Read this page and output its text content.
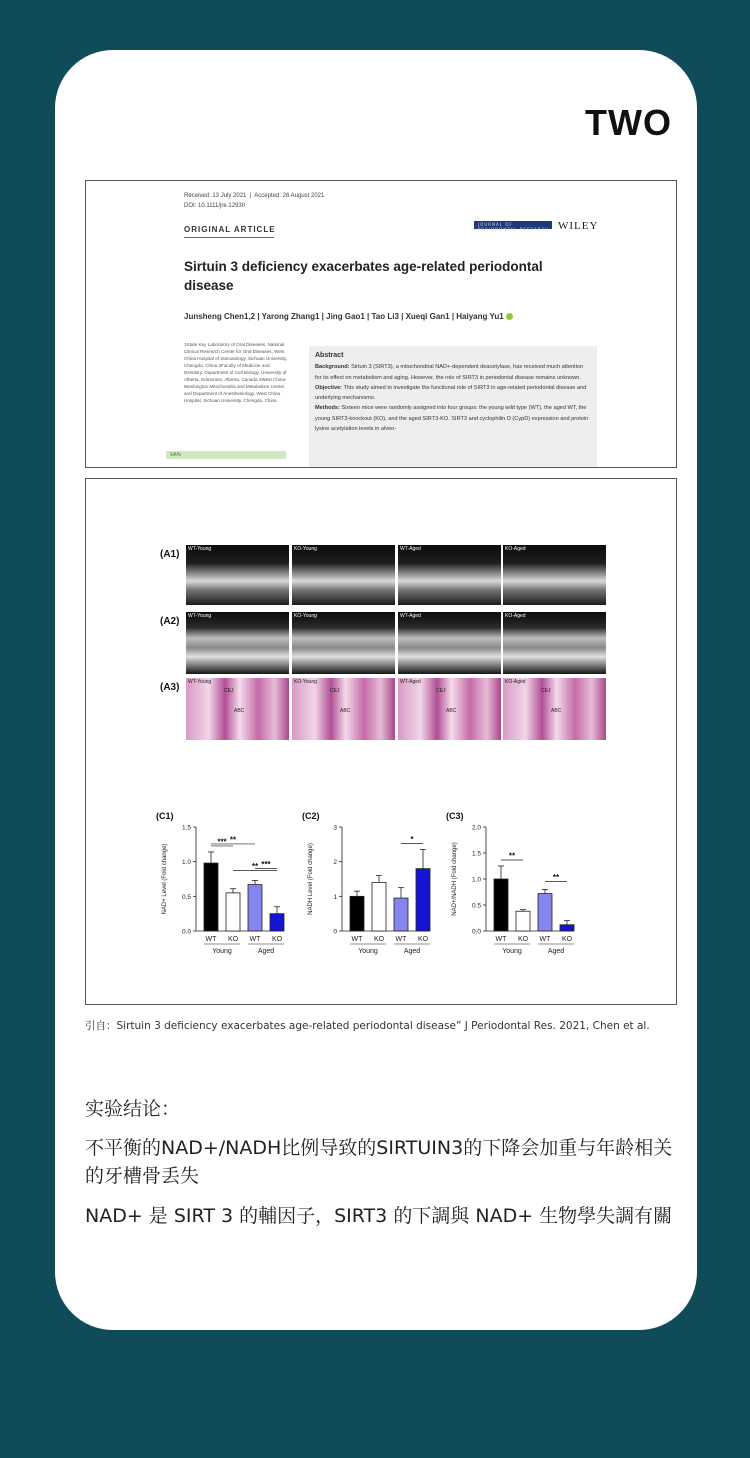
TWO
Received: 13 July 2021  |  Accepted: 26 August 2021
DOI: 10.1111/jre.12930
ORIGINAL ARTICLE
JOURNAL OF PERIODONTAL RESEARCH WILEY
Sirtuin 3 deficiency exacerbates age-related periodontal disease
Junsheng Chen1,2 | Yarong Zhang1 | Jing Gao1 | Tao Li3 | Xueqi Gan1 | Haiyang Yu1
1State Key Laboratory of Oral Diseases, National Clinical Research Center for Oral Diseases, West China Hospital of Stomatology, Sichuan University, Chengdu, China 2Faculty of Medicine and Dentistry, Department of Cell Biology, University of Alberta, Edmonton, Alberta, Canada 3West China-Washington Mitochondria and Metabolism Center and Department of Anesthesiology, West China Hospital, Sichuan University, Chengdu, China
SIRPx
Abstract
Background: Sirtuin 3 (SIRT3), a mitochondrial NAD+-dependent deacetylase, has received much attention for its effect on metabolism and aging. However, the role of SIRT3 in periodontal disease remains unknown.
Objective: This study aimed to investigate the functional role of SIRT3 in age-related periodontal disease and underlying mechanisms.
Methods: Sixteen mice were randomly assigned into four groups: the young wild type (WT), the aged WT, the young SIRT3-knockout (KO), and the aged SIRT3-KO. SIRT3 and cyclophilin D (CypD) expression and protein lysine acetylation levels in alveo-
(A1) WT-Young	KO-Young	WT-Aged	KO-Aged
(A2) WT-Young	KO-Young	WT-Aged	KO-Aged
(A3) WT-Young
CEJ
ABC
KO-Young
CEJ
ABC
WT-Aged
CEJ
ABC
KO-Aged
CEJ
ABC
(C1)
0.0
0.5
1.0
1.5
NAD+ Level (Fold change)
WT KO WT KO
Young	Aged
*** **
** ***
(C2)
0
1
2
3
NADH Level (Fold change)
WT KO WT KO
Young	Aged
*
(C3)
0.0
0.5
1.0
1.5
2.0
NAD+/NADH (Fold change)
WT KO WT KO
Young	Aged
**
**
引自：Sirtuin 3 deficiency exacerbates age-related periodontal disease” J Periodontal Res. 2021, Chen et al.
实验结论：
不平衡的NAD+/NADH比例导致的SIRTUIN3的下降会加重与年龄相关的牙槽骨丢失
NAD+ 是 SIRT 3 的輔因子，SIRT3 的下調與 NAD+ 生物學失調有關
